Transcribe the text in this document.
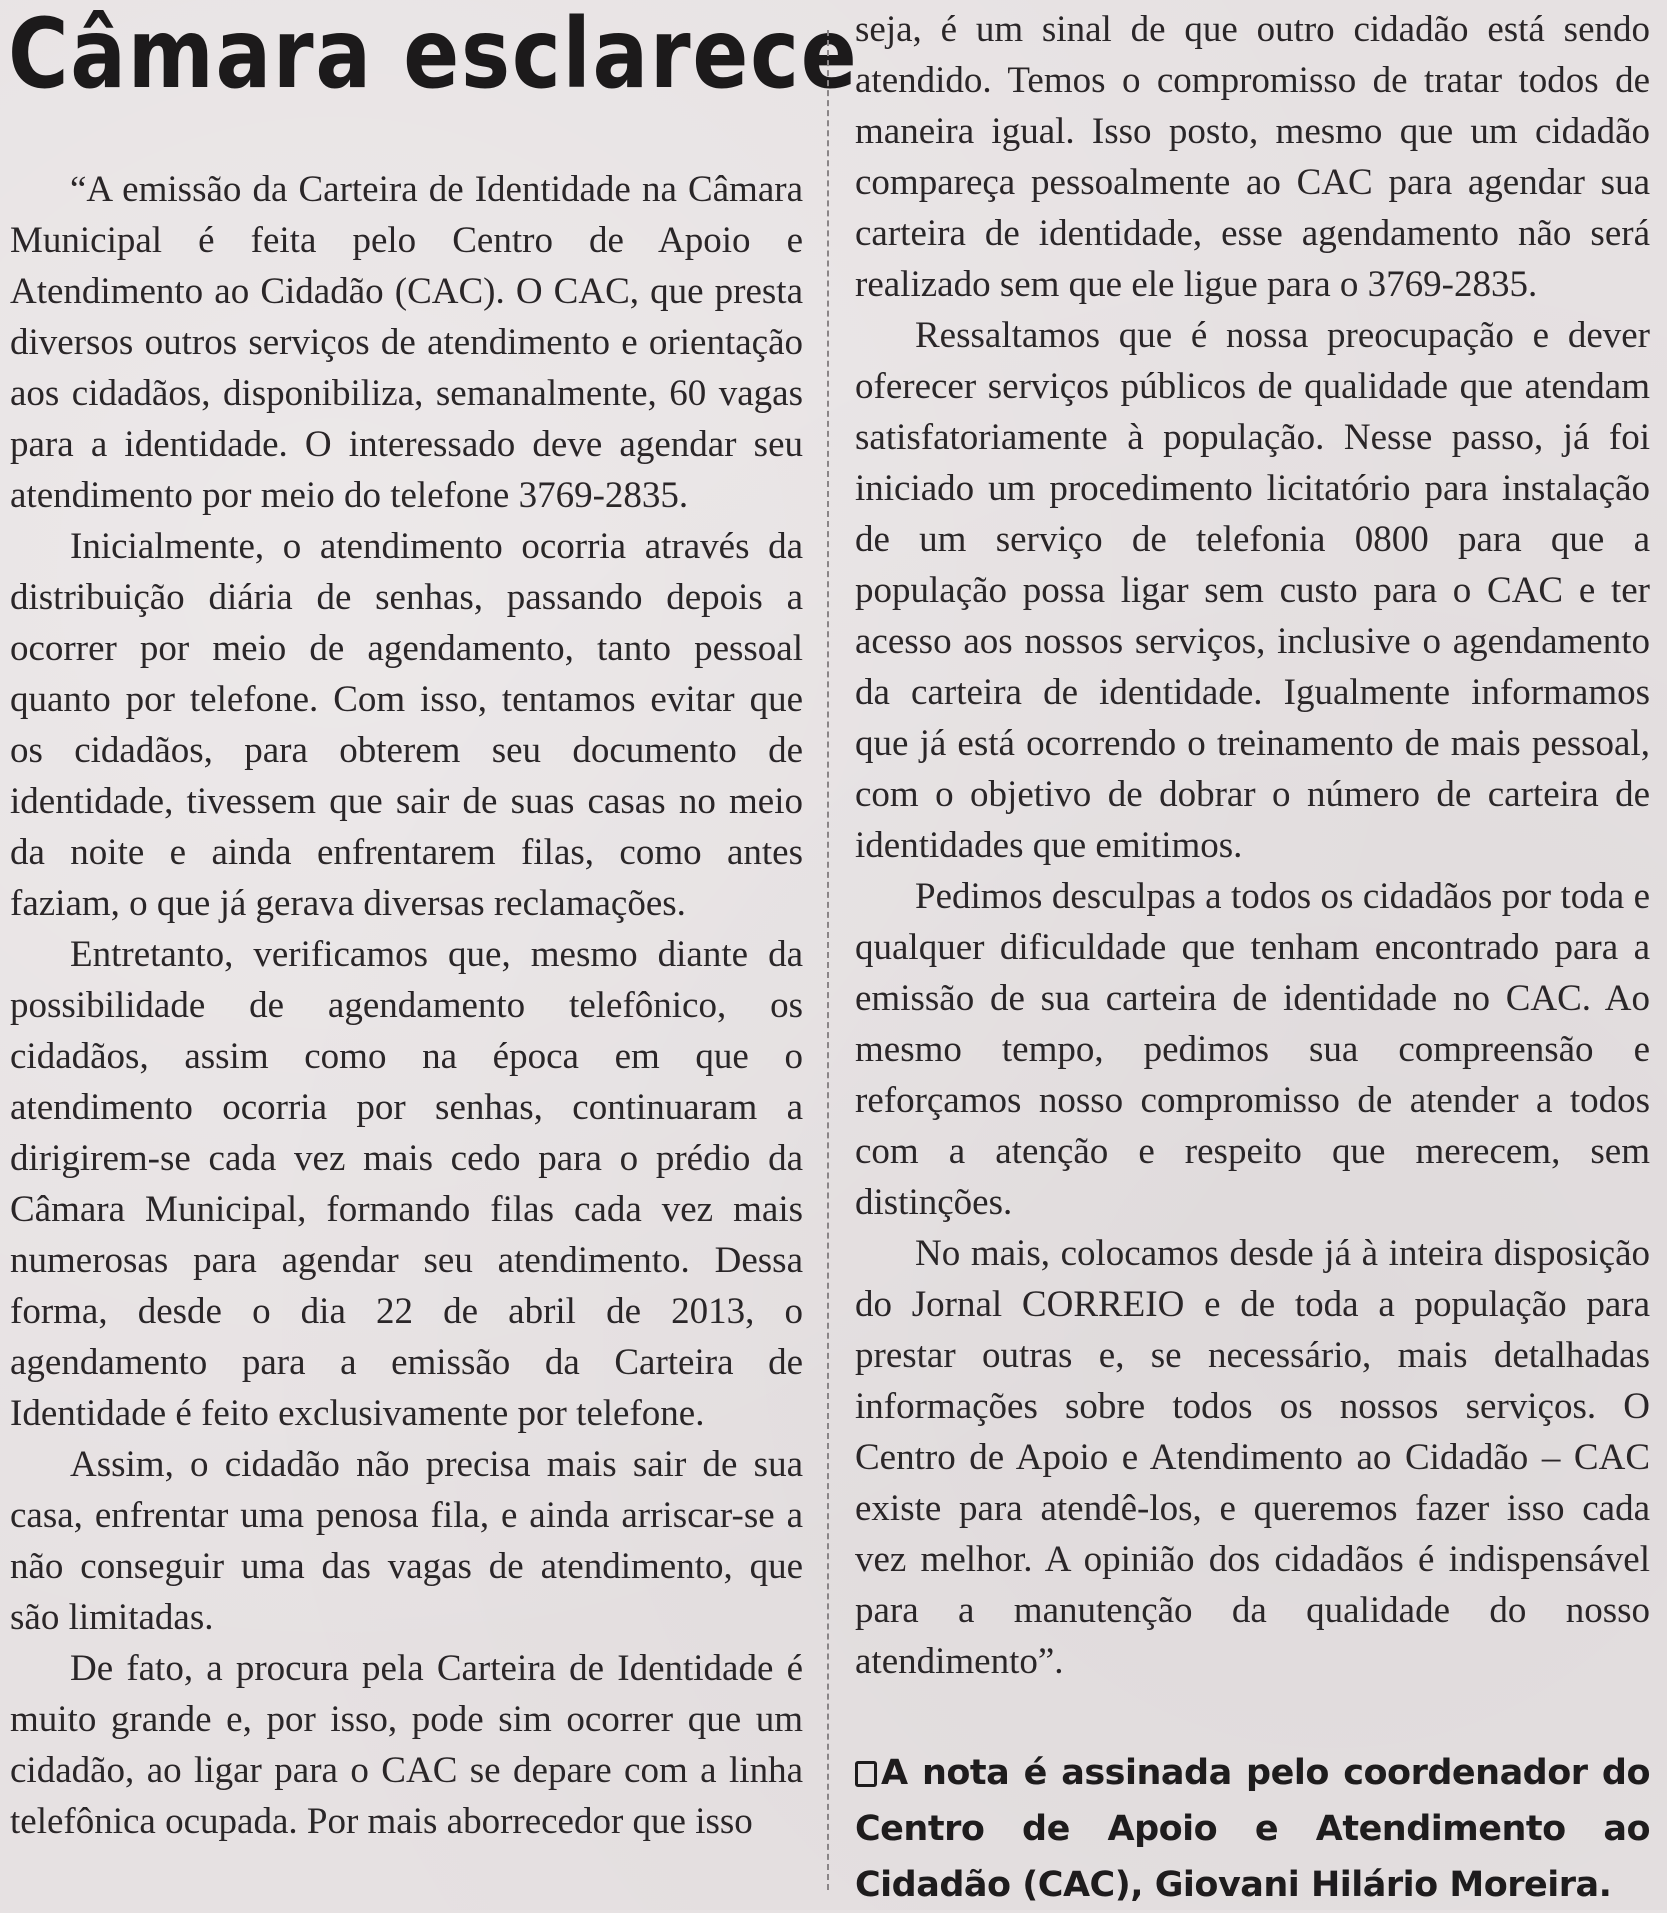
Câmara esclarece

“A emissão da Carteira de Identidade na Câmara Municipal é feita pelo Centro de Apoio e Atendimento ao Cidadão (CAC). O CAC, que presta diversos outros serviços de atendimento e orientação aos cidadãos, disponibiliza, semanalmente, 60 vagas para a identidade. O interessado deve agendar seu atendimento por meio do telefone 3769-2835.

Inicialmente, o atendimento ocorria através da distribuição diária de senhas, passando depois a ocorrer por meio de agendamento, tanto pessoal quanto por telefone. Com isso, tentamos evitar que os cidadãos, para obterem seu documento de identidade, tivessem que sair de suas casas no meio da noite e ainda enfrentarem filas, como antes faziam, o que já gerava diversas reclamações.

Entretanto, verificamos que, mesmo diante da possibilidade de agendamento telefônico, os cidadãos, assim como na época em que o atendimento ocorria por senhas, continuaram a dirigirem-se cada vez mais cedo para o prédio da Câmara Municipal, formando filas cada vez mais numerosas para agendar seu atendimento. Dessa forma, desde o dia 22 de abril de 2013, o agendamento para a emissão da Carteira de Identidade é feito exclusivamente por telefone.

Assim, o cidadão não precisa mais sair de sua casa, enfrentar uma penosa fila, e ainda arriscar-se a não conseguir uma das vagas de atendimento, que são limitadas.

De fato, a procura pela Carteira de Identidade é muito grande e, por isso, pode sim ocorrer que um cidadão, ao ligar para o CAC se depare com a linha telefônica ocupada. Por mais aborrecedor que isso

seja, é um sinal de que outro cidadão está sendo atendido. Temos o compromisso de tratar todos de maneira igual. Isso posto, mesmo que um cidadão compareça pessoalmente ao CAC para agendar sua carteira de identidade, esse agendamento não será realizado sem que ele ligue para o 3769-2835.

Ressaltamos que é nossa preocupação e dever oferecer serviços públicos de qualidade que atendam satisfatoriamente à população. Nesse passo, já foi iniciado um procedimento licitatório para instalação de um serviço de telefonia 0800 para que a população possa ligar sem custo para o CAC e ter acesso aos nossos serviços, inclusive o agendamento da carteira de identidade. Igualmente informamos que já está ocorrendo o treinamento de mais pessoal, com o objetivo de dobrar o número de carteira de identidades que emitimos.

Pedimos desculpas a todos os cidadãos por toda e qualquer dificuldade que tenham encontrado para a emissão de sua carteira de identidade no CAC. Ao mesmo tempo, pedimos sua compreensão e reforçamos nosso compromisso de atender a todos com a atenção e respeito que merecem, sem distinções.

No mais, colocamos desde já à inteira disposição do Jornal CORREIO e de toda a população para prestar outras e, se necessário, mais detalhadas informações sobre todos os nossos serviços. O Centro de Apoio e Atendimento ao Cidadão – CAC existe para atendê-los, e queremos fazer isso cada vez melhor. A opinião dos cidadãos é indispensável para a manutenção da qualidade do nosso atendimento”.

A nota é assinada pelo coordenador do Centro de Apoio e Atendimento ao Cidadão (CAC), Giovani Hilário Moreira.
